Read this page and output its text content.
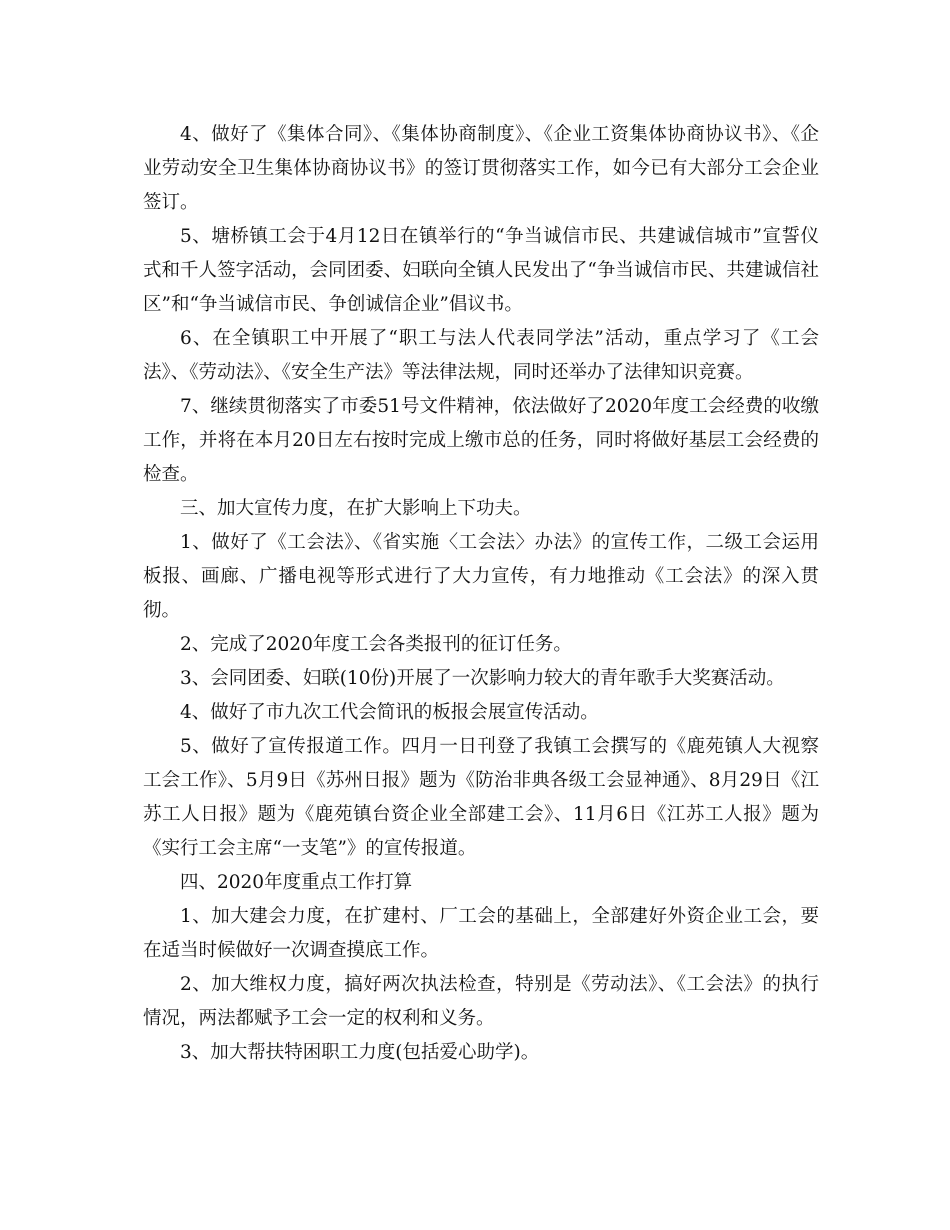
4、做好了《集体合同》、《集体协商制度》、《企业工资集体协商协议书》、《企业劳动安全卫生集体协商协议书》的签订贯彻落实工作，如今已有大部分工会企业签订。

5、塘桥镇工会于4月12日在镇举行的“争当诚信市民、共建诚信城市”宣誓仪式和千人签字活动，会同团委、妇联向全镇人民发出了“争当诚信市民、共建诚信社区”和“争当诚信市民、争创诚信企业”倡议书。

6、在全镇职工中开展了“职工与法人代表同学法”活动，重点学习了《工会法》、《劳动法》、《安全生产法》等法律法规，同时还举办了法律知识竞赛。

7、继续贯彻落实了市委51号文件精神，依法做好了2020年度工会经费的收缴工作，并将在本月20日左右按时完成上缴市总的任务，同时将做好基层工会经费的检查。

三、加大宣传力度，在扩大影响上下功夫。

1、做好了《工会法》、《省实施〈工会法〉办法》的宣传工作，二级工会运用板报、画廊、广播电视等形式进行了大力宣传，有力地推动《工会法》的深入贯彻。

2、完成了2020年度工会各类报刊的征订任务。

3、会同团委、妇联(10份)开展了一次影响力较大的青年歌手大奖赛活动。

4、做好了市九次工代会简讯的板报会展宣传活动。

5、做好了宣传报道工作。四月一日刊登了我镇工会撰写的《鹿苑镇人大视察工会工作》、5月9日《苏州日报》题为《防治非典各级工会显神通》、8月29日《江苏工人日报》题为《鹿苑镇台资企业全部建工会》、11月6日《江苏工人报》题为《实行工会主席“一支笔”》的宣传报道。

四、2020年度重点工作打算

1、加大建会力度，在扩建村、厂工会的基础上，全部建好外资企业工会，要在适当时候做好一次调查摸底工作。

2、加大维权力度，搞好两次执法检查，特别是《劳动法》、《工会法》的执行情况，两法都赋予工会一定的权利和义务。

3、加大帮扶特困职工力度(包括爱心助学)。
